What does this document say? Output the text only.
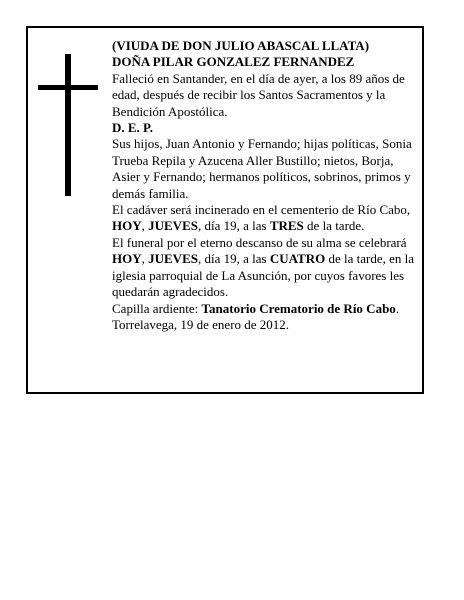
(VIUDA DE DON JULIO ABASCAL LLATA)

DOÑA PILAR GONZALEZ FERNANDEZ

Falleció en Santander, en el día de ayer, a los 89 años de edad, después de recibir los Santos Sacramentos y la Bendición Apostólica.

D. E. P.

Sus hijos, Juan Antonio y Fernando; hijas políticas, Sonia Trueba Repila y Azucena Aller Bustillo; nietos, Borja, Asier y Fernando; hermanos políticos, sobrinos, primos y demás familia.

El cadáver será incinerado en el cementerio de Río Cabo, HOY, JUEVES, día 19, a las TRES de la tarde.

El funeral por el eterno descanso de su alma se celebrará HOY, JUEVES, día 19, a las CUATRO de la tarde, en la iglesia parroquial de La Asunción, por cuyos favores les quedarán agradecidos.

Capilla ardiente: Tanatorio Crematorio de Río Cabo.

Torrelavega, 19 de enero de 2012.
